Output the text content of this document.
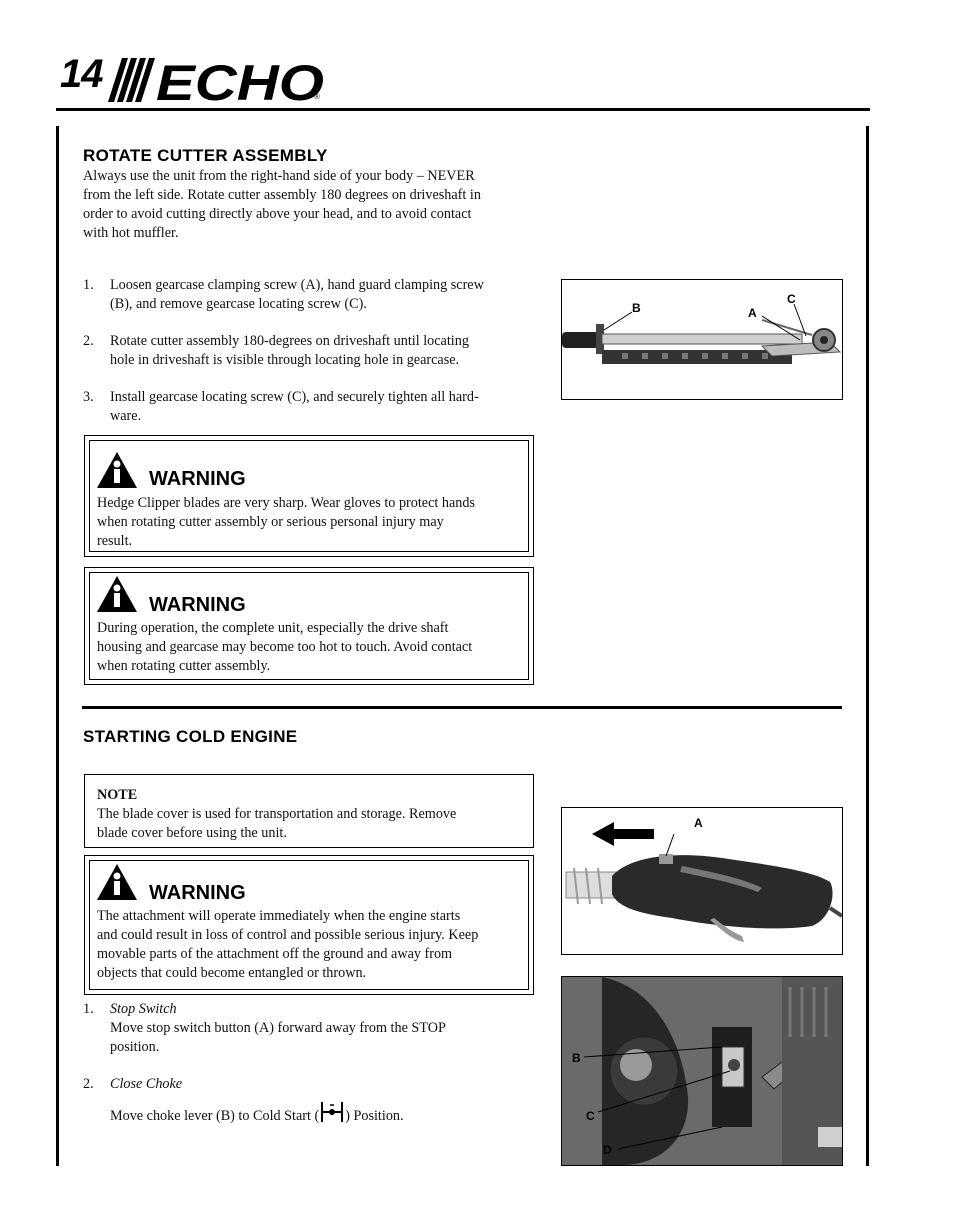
14 ECHO
®
ROTATE CUTTER ASSEMBLY
Always use the unit from the right-hand side of your body – NEVER
from the left side. Rotate cutter assembly 180 degrees on driveshaft in
order to avoid cutting directly above your head, and to avoid contact
with hot muffler.
1. Loosen gearcase clamping screw (A), hand guard clamping screw
(B), and remove gearcase locating screw (C).
2. Rotate cutter assembly 180-degrees on driveshaft until locating
hole in driveshaft is visible through locating hole in gearcase.
3. Install gearcase locating screw (C), and securely tighten all hard-
ware.
B	A
C
WARNING
Hedge Clipper blades are very sharp. Wear gloves to protect hands
when rotating cutter assembly or serious personal injury may
result.
WARNING
During operation, the complete unit, especially the drive shaft
housing and gearcase may become too hot to touch. Avoid contact
when rotating cutter assembly.
STARTING COLD ENGINE
NOTE
The blade cover is used for transportation and storage. Remove
blade cover before using the unit.
WARNING
The attachment will operate immediately when the engine starts
and could result in loss of control and possible serious injury. Keep
movable parts of the attachment off the ground and away from
objects that could become entangled or thrown.
1. Stop Switch
Move stop switch button (A) forward away from the STOP
position.
2. Close Choke
Move choke lever (B) to Cold Start ( ) Position.
A
B
C
D
